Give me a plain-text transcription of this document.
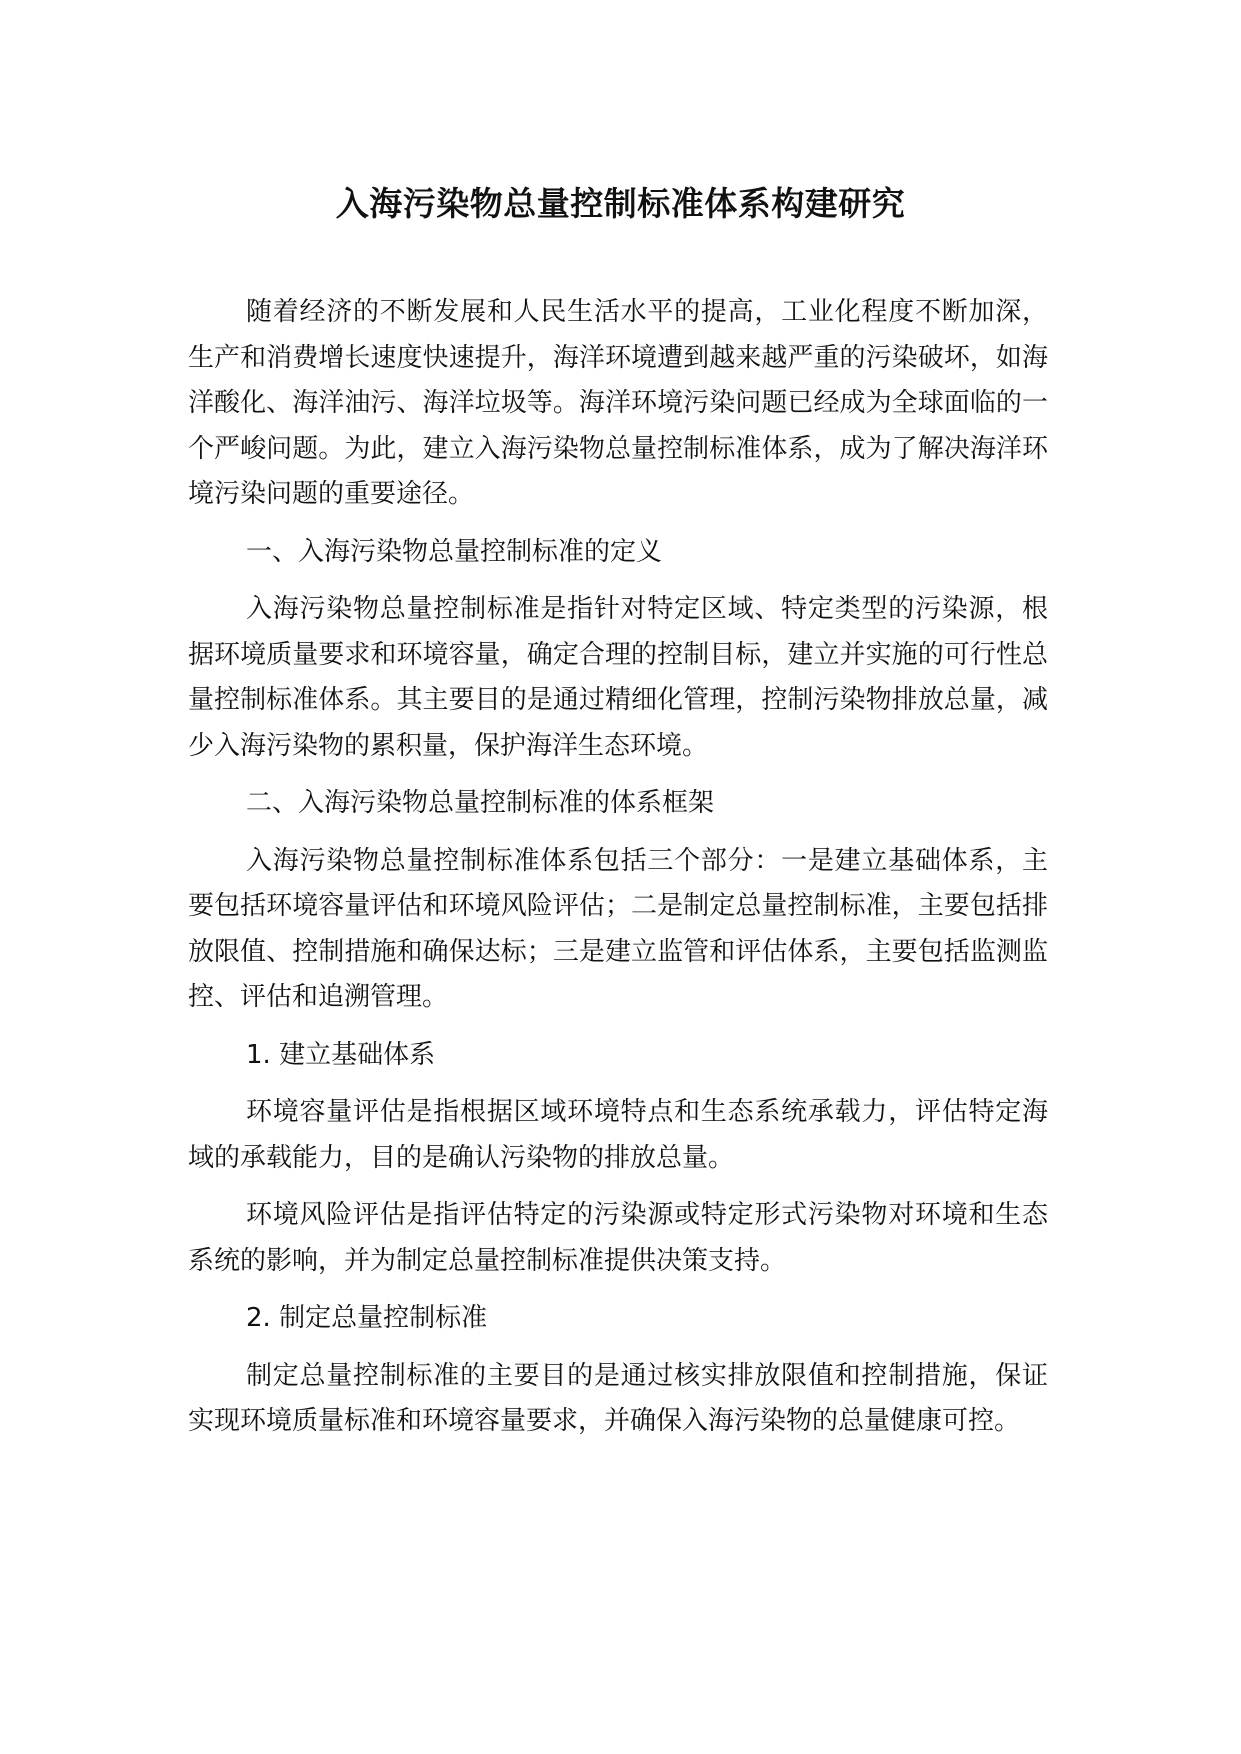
入海污染物总量控制标准体系构建研究

随着经济的不断发展和人民生活水平的提高，工业化程度不断加深，生产和消费增长速度快速提升，海洋环境遭到越来越严重的污染破坏，如海洋酸化、海洋油污、海洋垃圾等。海洋环境污染问题已经成为全球面临的一个严峻问题。为此，建立入海污染物总量控制标准体系，成为了解决海洋环境污染问题的重要途径。

一、入海污染物总量控制标准的定义

入海污染物总量控制标准是指针对特定区域、特定类型的污染源，根据环境质量要求和环境容量，确定合理的控制目标，建立并实施的可行性总量控制标准体系。其主要目的是通过精细化管理，控制污染物排放总量，减少入海污染物的累积量，保护海洋生态环境。

二、入海污染物总量控制标准的体系框架

入海污染物总量控制标准体系包括三个部分：一是建立基础体系，主要包括环境容量评估和环境风险评估；二是制定总量控制标准，主要包括排放限值、控制措施和确保达标；三是建立监管和评估体系，主要包括监测监控、评估和追溯管理。

1. 建立基础体系

环境容量评估是指根据区域环境特点和生态系统承载力，评估特定海域的承载能力，目的是确认污染物的排放总量。

环境风险评估是指评估特定的污染源或特定形式污染物对环境和生态系统的影响，并为制定总量控制标准提供决策支持。

2. 制定总量控制标准

制定总量控制标准的主要目的是通过核实排放限值和控制措施，保证实现环境质量标准和环境容量要求，并确保入海污染物的总量健康可控。
